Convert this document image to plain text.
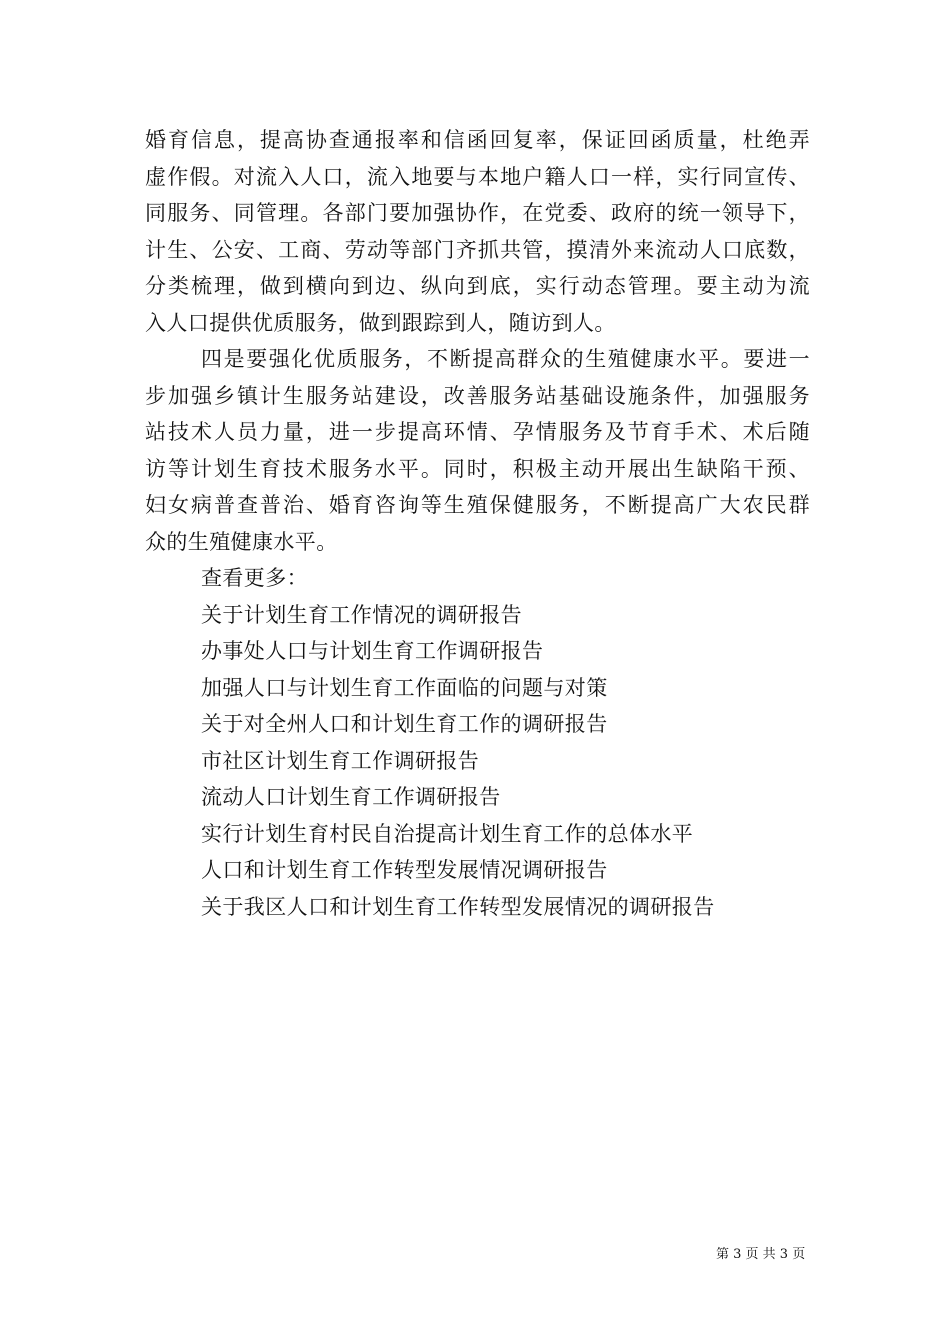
婚育信息，提高协查通报率和信函回复率，保证回函质量，杜绝弄
虚作假。对流入人口，流入地要与本地户籍人口一样，实行同宣传、
同服务、同管理。各部门要加强协作，在党委、政府的统一领导下，
计生、公安、工商、劳动等部门齐抓共管，摸清外来流动人口底数，
分类梳理，做到横向到边、纵向到底，实行动态管理。要主动为流
入人口提供优质服务，做到跟踪到人，随访到人。
四是要强化优质服务，不断提高群众的生殖健康水平。要进一
步加强乡镇计生服务站建设，改善服务站基础设施条件，加强服务
站技术人员力量，进一步提高环情、孕情服务及节育手术、术后随
访等计划生育技术服务水平。同时，积极主动开展出生缺陷干预、
妇女病普查普治、婚育咨询等生殖保健服务，不断提高广大农民群
众的生殖健康水平。
查看更多：
关于计划生育工作情况的调研报告
办事处人口与计划生育工作调研报告
加强人口与计划生育工作面临的问题与对策
关于对全州人口和计划生育工作的调研报告
市社区计划生育工作调研报告
流动人口计划生育工作调研报告
实行计划生育村民自治提高计划生育工作的总体水平
人口和计划生育工作转型发展情况调研报告
关于我区人口和计划生育工作转型发展情况的调研报告
第 3 页 共 3 页
